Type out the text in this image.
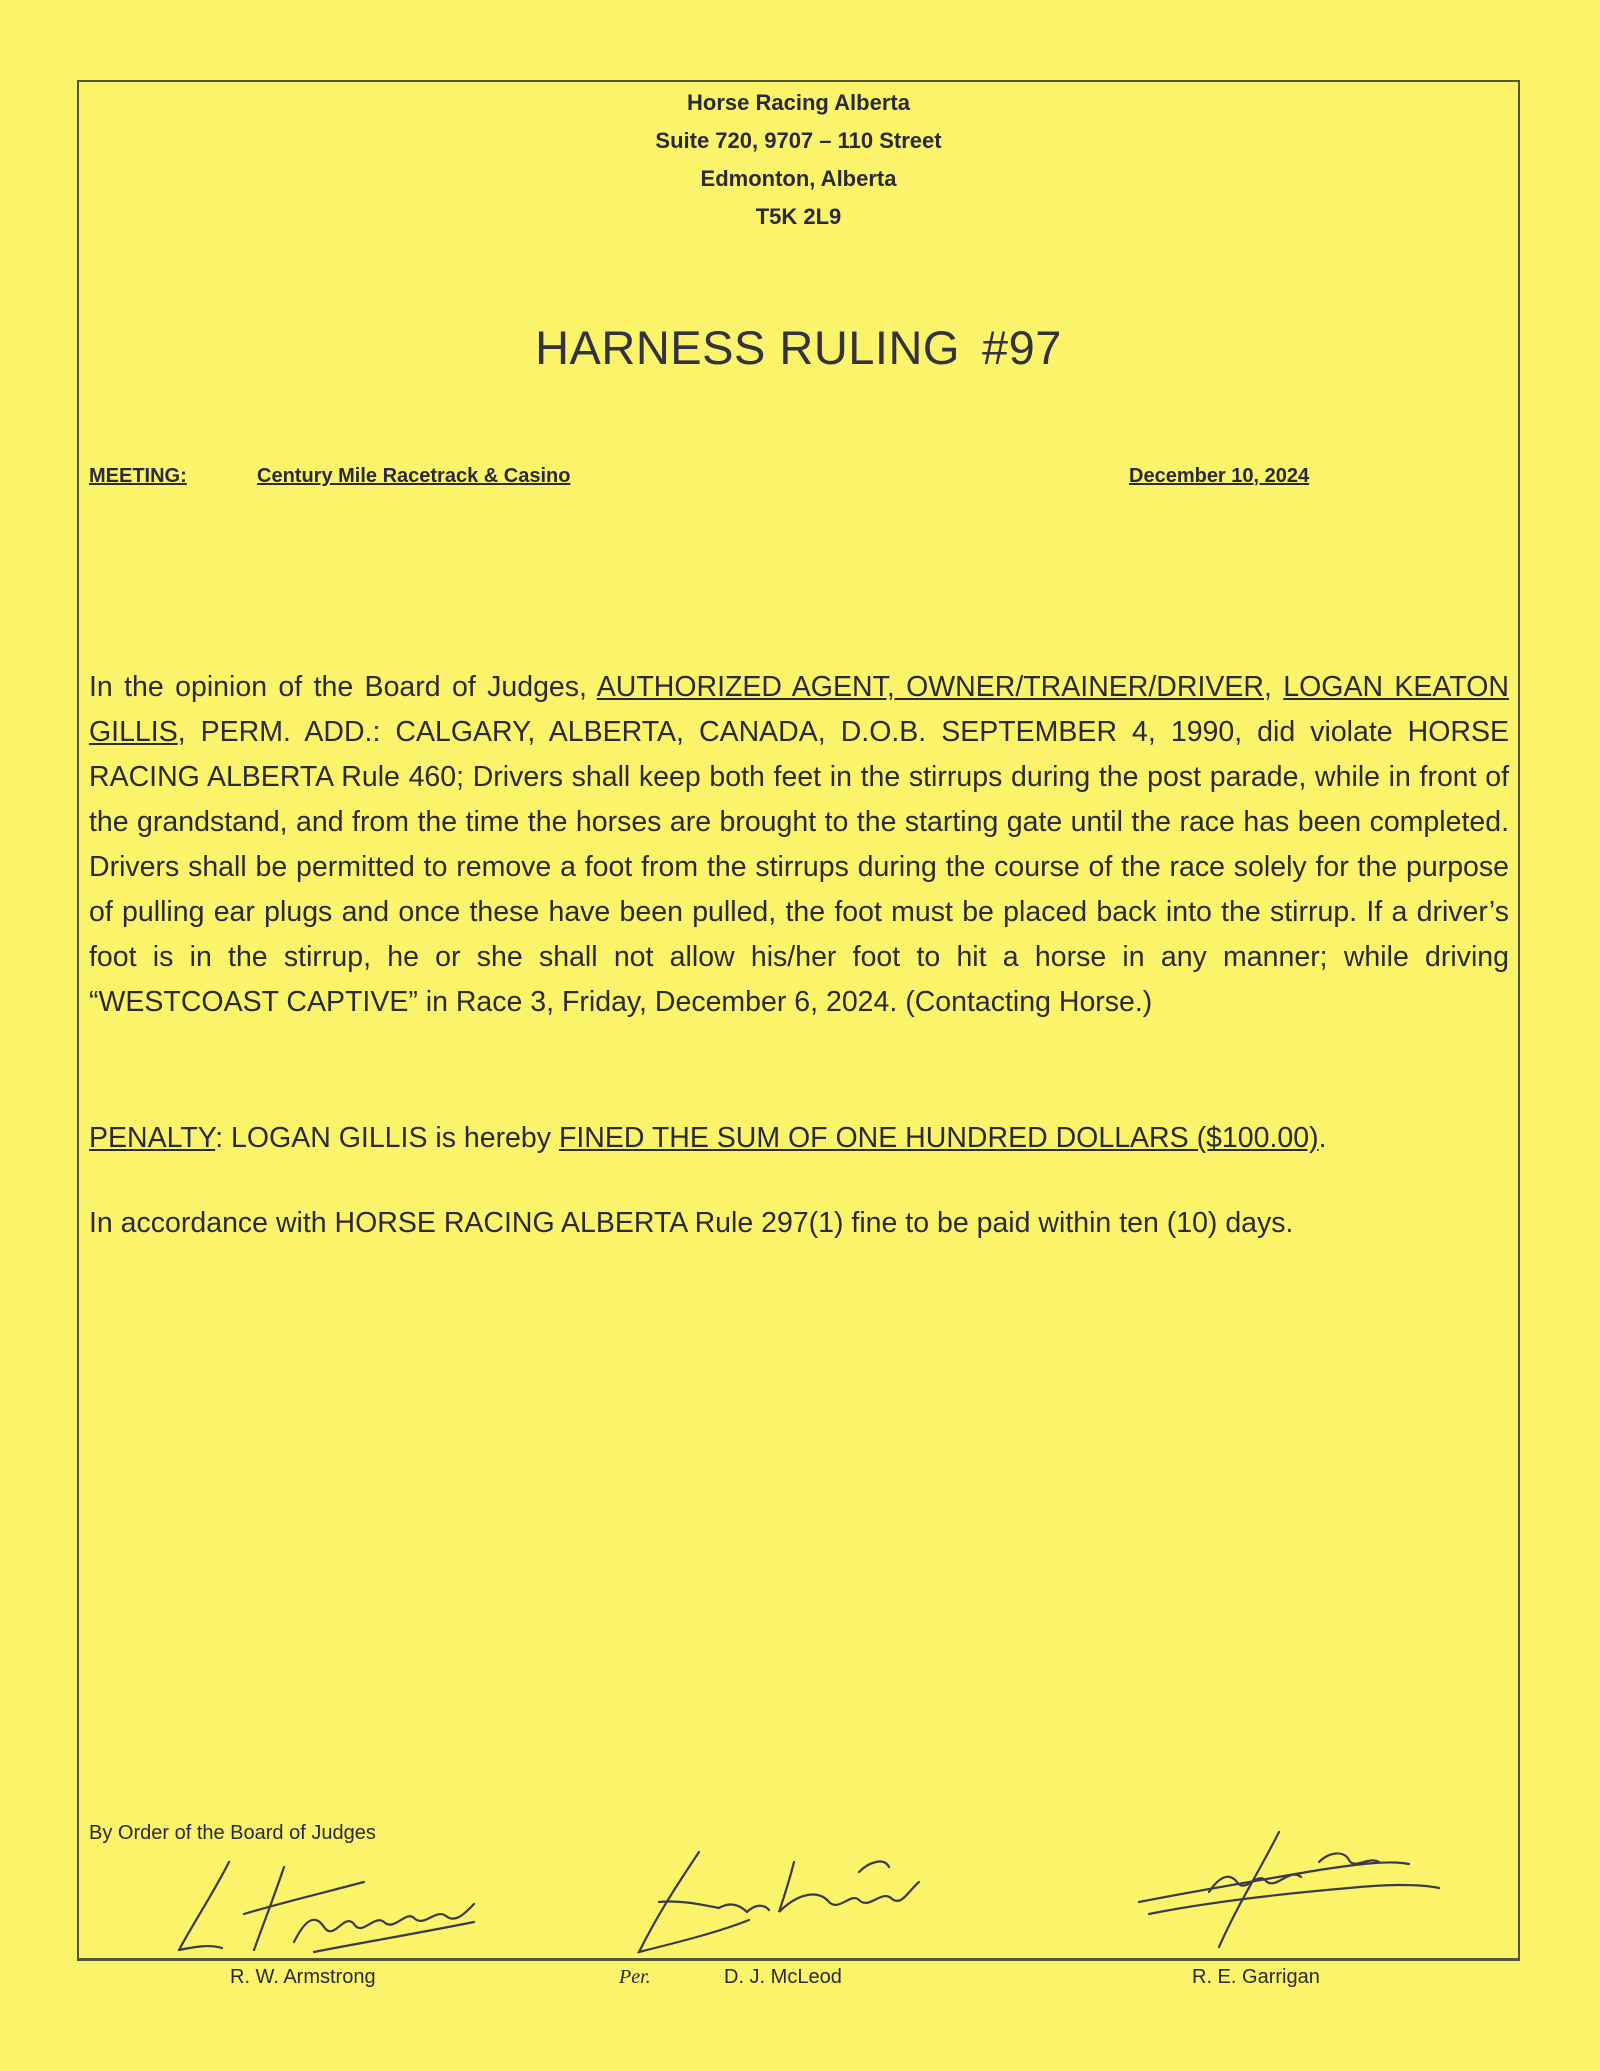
Horse Racing Alberta
Suite 720, 9707 – 110 Street
Edmonton, Alberta
T5K 2L9
HARNESS RULING #97
MEETING:	Century Mile Racetrack & Casino	December 10, 2024
In the opinion of the Board of Judges, AUTHORIZED AGENT, OWNER/TRAINER/DRIVER, LOGAN KEATON GILLIS, PERM. ADD.: CALGARY, ALBERTA, CANADA, D.O.B. SEPTEMBER 4, 1990, did violate HORSE RACING ALBERTA Rule 460; Drivers shall keep both feet in the stirrups during the post parade, while in front of the grandstand, and from the time the horses are brought to the starting gate until the race has been completed. Drivers shall be permitted to remove a foot from the stirrups during the course of the race solely for the purpose of pulling ear plugs and once these have been pulled, the foot must be placed back into the stirrup. If a driver’s foot is in the stirrup, he or she shall not allow his/her foot to hit a horse in any manner; while driving “WESTCOAST CAPTIVE” in Race 3, Friday, December 6, 2024. (Contacting Horse.)
PENALTY: LOGAN GILLIS is hereby FINED THE SUM OF ONE HUNDRED DOLLARS ($100.00).
In accordance with HORSE RACING ALBERTA Rule 297(1) fine to be paid within ten (10) days.
By Order of the Board of Judges
R. W. Armstrong	Per.	D. J. McLeod	R. E. Garrigan
